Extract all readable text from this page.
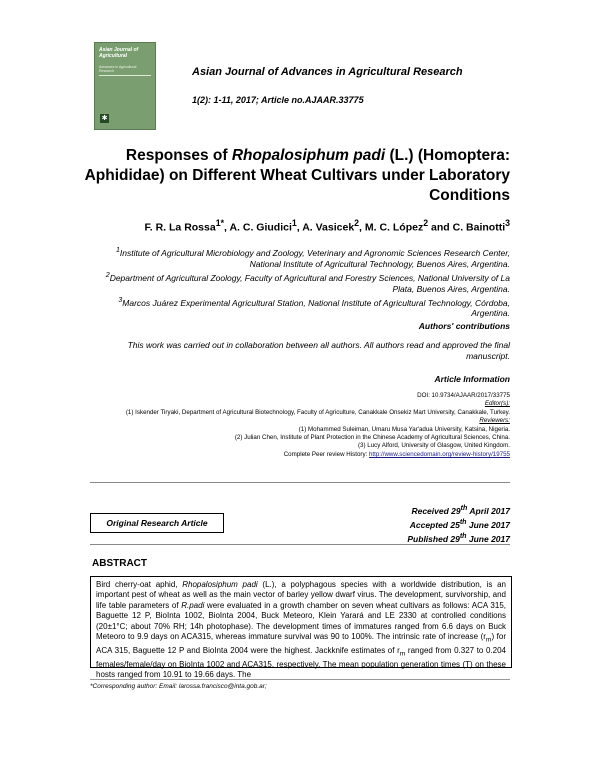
Asian Journal of Agricultural
Advances in Agricultural Research
✱
Asian Journal of Advances in Agricultural Research
1(2): 1-11, 2017; Article no.AJAAR.33775
Responses of Rhopalosiphum padi (L.) (Homoptera: Aphididae) on Different Wheat Cultivars under Laboratory Conditions
F. R. La Rossa$^{1*}$, A. C. Giudici$^1$, A. Vasicek$^2$, M. C. López$^2$ and C. Bainotti$^3$

$^1$Institute of Agricultural Microbiology and Zoology, Veterinary and Agronomic Sciences Research Center, National Institute of Agricultural Technology, Buenos Aires, Argentina.

$^2$Department of Agricultural Zoology, Faculty of Agricultural and Forestry Sciences, National University of La Plata, Buenos Aires, Argentina.

$^3$Marcos Juárez Experimental Agricultural Station, National Institute of Agricultural Technology, Córdoba, Argentina.

Authors' contributions
This work was carried out in collaboration between all authors. All authors read and approved the final manuscript.
Article Information

DOI: 10.9734/AJAAR/2017/33775

Editor(s):

(1) Iskender Tiryaki, Department of Agricultural Biotechnology, Faculty of Agriculture, Canakkale Onsekiz Mart University, Canakkale, Turkey.

Reviewers:

(1) Mohammed Suleiman, Umaru Musa Yar'adua University, Katsina, Nigeria.

(2) Julian Chen, Institute of Plant Protection in the Chinese Academy of Agricultural Sciences, China.

(3) Lucy Alford, University of Glasgow, United Kingdom.

Complete Peer review History: http://www.sciencedomain.org/review-history/19755

Original Research Article

Received 29th April 2017

Accepted 25th June 2017

Published 29th June 2017

ABSTRACT
Bird cherry-oat aphid, Rhopalosiphum padi (L.), a polyphagous species with a worldwide distribution, is an important pest of wheat as well as the main vector of barley yellow dwarf virus. The development, survivorship, and life table parameters of R.padi were evaluated in a growth chamber on seven wheat cultivars as follows: ACA 315, Baguette 12 P, BioInta 1002, BioInta 2004, Buck Meteoro, Klein Yarará and LE 2330 at controlled conditions (20±1°C; about 70% RH; 14h photophase). The development times of immatures ranged from 6.6 days on Buck Meteoro to 9.9 days on ACA315, whereas immature survival was 90 to 100%. The intrinsic rate of increase $(r_m)$ for ACA 315, Baguette 12 P and BioInta 2004 were the highest. Jackknife estimates of $r_m$ ranged from 0.327 to 0.204 females/female/day on BioInta 1002 and ACA315, respectively. The mean population generation times (T) on these hosts ranged from 10.91 to 19.66 days. The
*Corresponding author: Email: larossa.francisco@inta.gob.ar;
